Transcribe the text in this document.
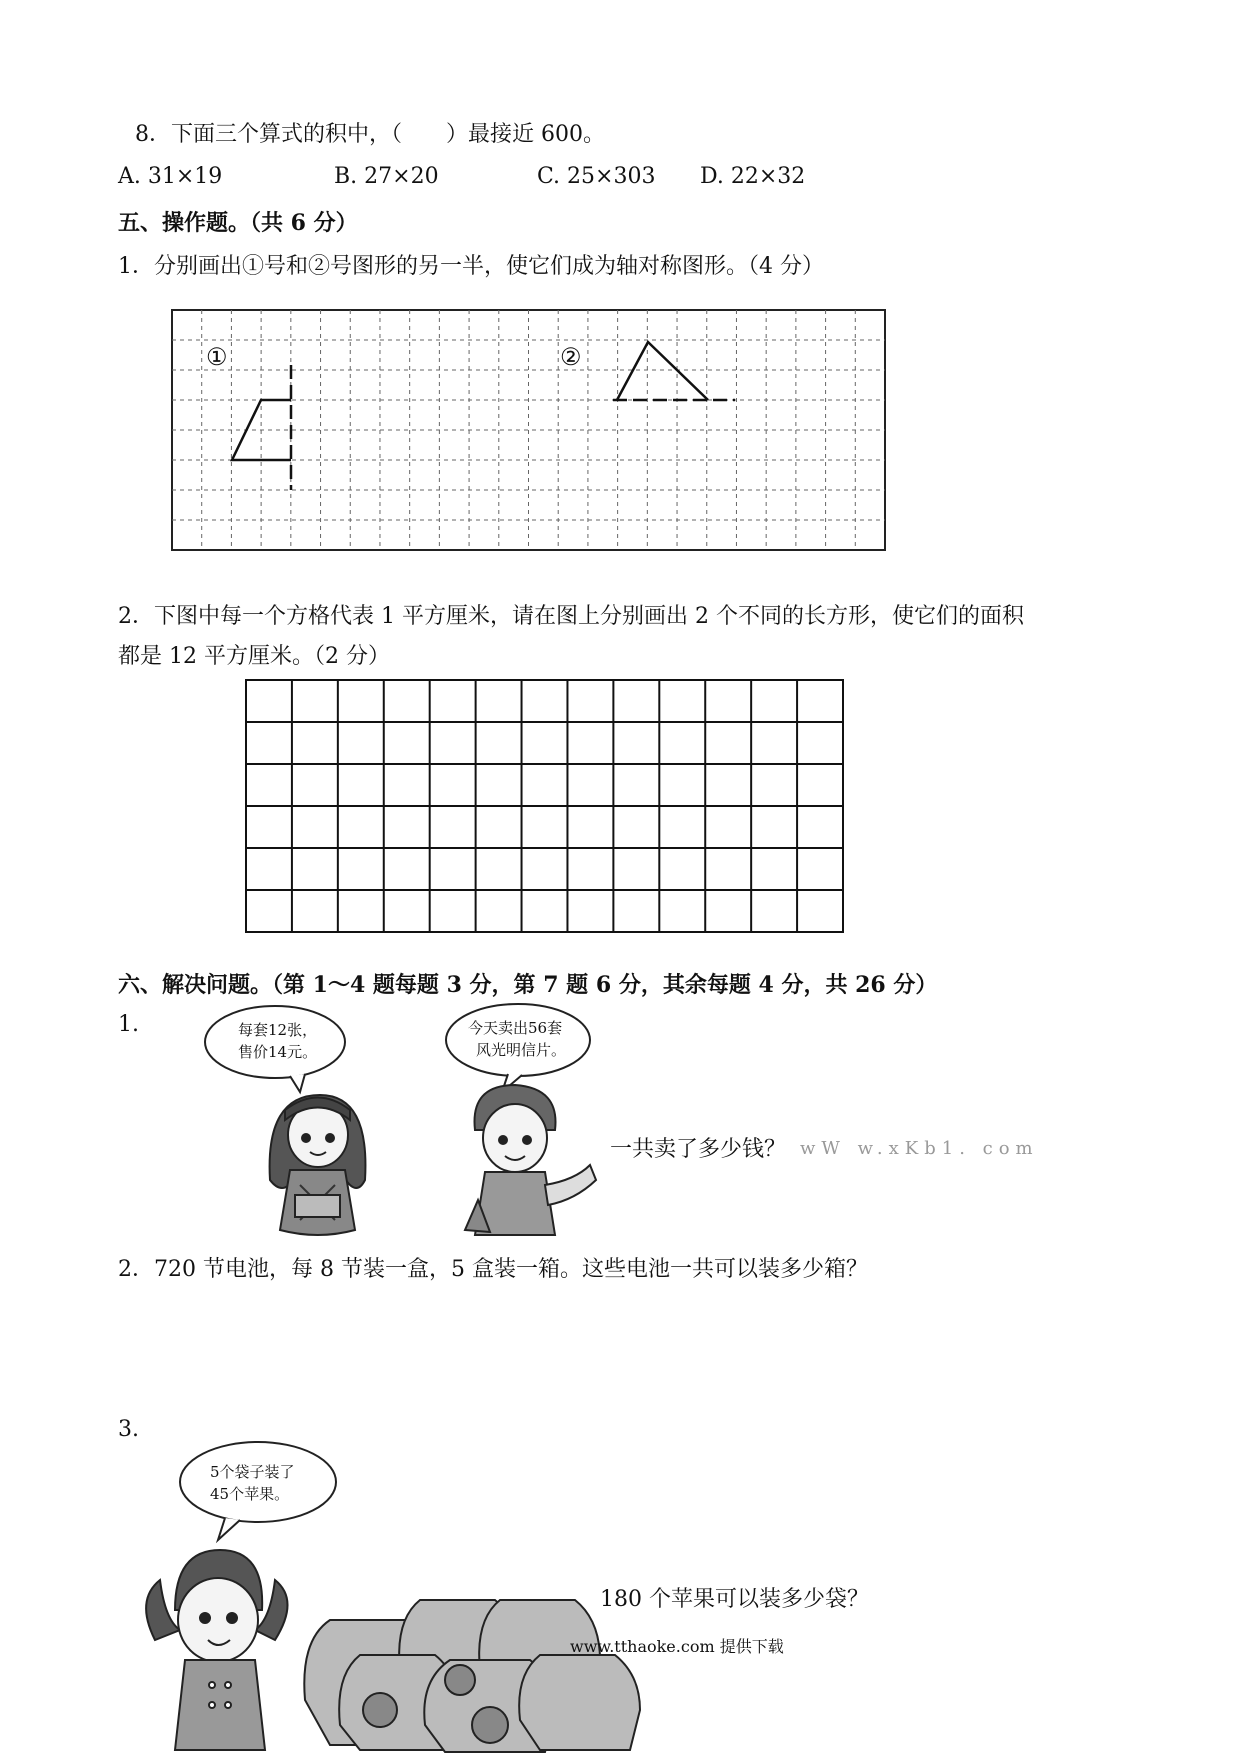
8．下面三个算式的积中，（　　）最接近 600。
A. 31×19	B. 27×20	C. 25×303 D. 22×32
五、操作题。（共 6 分）
1．分别画出①号和②号图形的另一半，使它们成为轴对称图形。（4 分）
①	②
2．下图中每一个方格代表 1 平方厘米，请在图上分别画出 2 个不同的长方形，使它们的面积
都是 12 平方厘米。（2 分）
六、解决问题。（第 1～4 题每题 3 分，第 7 题 6 分，其余每题 4 分，共 26 分）
1.	每套12张，
售价14元。
今天卖出56套
风光明信片。
一共卖了多少钱？ wW w.xKb1. com
2．720 节电池，每 8 节装一盒，5 盒装一箱。这些电池一共可以装多少箱？
3.
5个袋子装了
45个苹果。
180 个苹果可以装多少袋？
www.tthaoke.com 提供下载
